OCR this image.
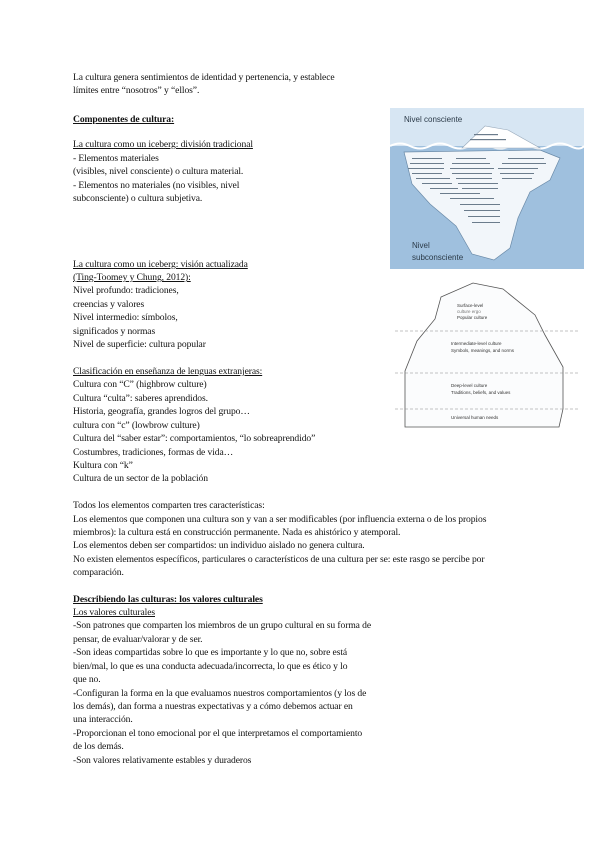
La cultura genera sentimientos de identidad y pertenencia, y establece
límites entre “nosotros” y “ellos”.
Componentes de cultura:
La cultura como un iceberg: división tradicional
- Elementos materiales
(visibles, nivel consciente) o cultura material.
- Elementos no materiales (no visibles, nivel
subconsciente) o cultura subjetiva.
La cultura como un iceberg: visión actualizada
(Ting-Toomey y Chung, 2012):
Nivel profundo: tradiciones,
creencias y valores
Nivel intermedio: símbolos,
significados y normas
Nivel de superficie: cultura popular
Clasificación en enseñanza de lenguas extranjeras:
Cultura con “C” (highbrow culture)
Cultura “culta”: saberes aprendidos.
Historia, geografía, grandes logros del grupo…
cultura con “c” (lowbrow culture)
Cultura del “saber estar”: comportamientos, “lo sobreaprendido”
Costumbres, tradiciones, formas de vida…
Kultura con “k”
Cultura de un sector de la población
Todos los elementos comparten tres características:
Los elementos que componen una cultura son y van a ser modificables (por influencia externa o de los propios
miembros): la cultura está en construcción permanente. Nada es ahistórico y atemporal.
Los elementos deben ser compartidos: un individuo aislado no genera cultura.
No existen elementos específicos, particulares o característicos de una cultura per se: este rasgo se percibe por
comparación.
Describiendo las culturas: los valores culturales
Los valores culturales
-Son patrones que comparten los miembros de un grupo cultural en su forma de
pensar, de evaluar/valorar y de ser.
-Son ideas compartidas sobre lo que es importante y lo que no, sobre está
bien/mal, lo que es una conducta adecuada/incorrecta, lo que es ético y lo
que no.
-Configuran la forma en la que evaluamos nuestros comportamientos (y los de
los demás), dan forma a nuestras expectativas y a cómo debemos actuar en
una interacción.
-Proporcionan el tono emocional por el que interpretamos el comportamiento
de los demás.
-Son valores relativamente estables y duraderos
Nivel consciente
Nivel
subconsciente
Surface-level
culture ergo
Popular culture
Intermediate-level culture
Symbols, meanings, and norms
Deep-level culture
Traditions, beliefs, and values
Universal human needs
